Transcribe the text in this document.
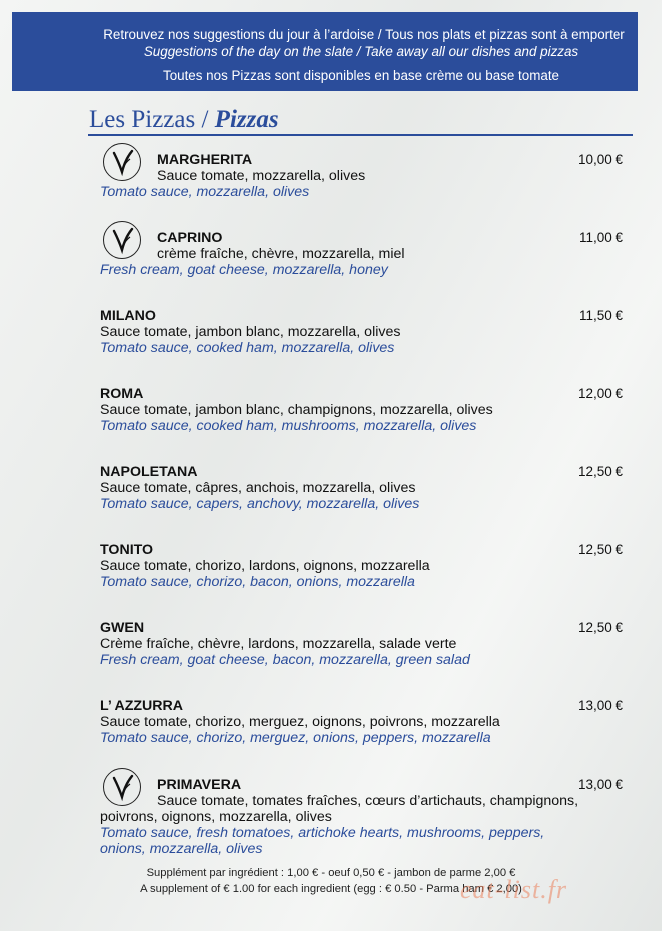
Retrouvez nos suggestions du jour à l’ardoise / Tous nos plats et pizzas sont à emporter
Suggestions of the day on the slate / Take away all our dishes and pizzas
Toutes nos Pizzas sont disponibles en base crème ou base tomate
Les Pizzas / Pizzas
MARGHERITA
Sauce tomate, mozzarella, olives
Tomato sauce, mozzarella, olives
10,00 €
CAPRINO
crème fraîche, chèvre, mozzarella, miel
Fresh cream, goat cheese, mozzarella, honey
11,00 €
MILANO
Sauce tomate, jambon blanc, mozzarella, olives
Tomato sauce, cooked ham, mozzarella, olives
11,50 €
ROMA
Sauce tomate, jambon blanc, champignons, mozzarella, olives
Tomato sauce, cooked ham, mushrooms, mozzarella, olives
12,00 €
NAPOLETANA
Sauce tomate, câpres, anchois, mozzarella, olives
Tomato sauce, capers, anchovy, mozzarella, olives
12,50 €
TONITO
Sauce tomate, chorizo, lardons, oignons, mozzarella
Tomato sauce, chorizo, bacon, onions, mozzarella
12,50 €
GWEN
Crème fraîche, chèvre, lardons, mozzarella, salade verte
Fresh cream, goat cheese, bacon, mozzarella, green salad
12,50 €
L’ AZZURRA
Sauce tomate, chorizo, merguez, oignons, poivrons, mozzarella
Tomato sauce, chorizo, merguez, onions, peppers, mozzarella
13,00 €
PRIMAVERA
Sauce tomate, tomates fraîches, cœurs d’artichauts, champignons,
poivrons, oignons, mozzarella, olives
Tomato sauce, fresh tomatoes, artichoke hearts, mushrooms, peppers,
onions, mozzarella, olives
13,00 €
Supplément par ingrédient : 1,00 € - oeuf 0,50 € - jambon de parme 2,00 €
A supplement of € 1.00 for each ingredient (egg : € 0.50 - Parma ham € 2,00)
eat-list.fr
